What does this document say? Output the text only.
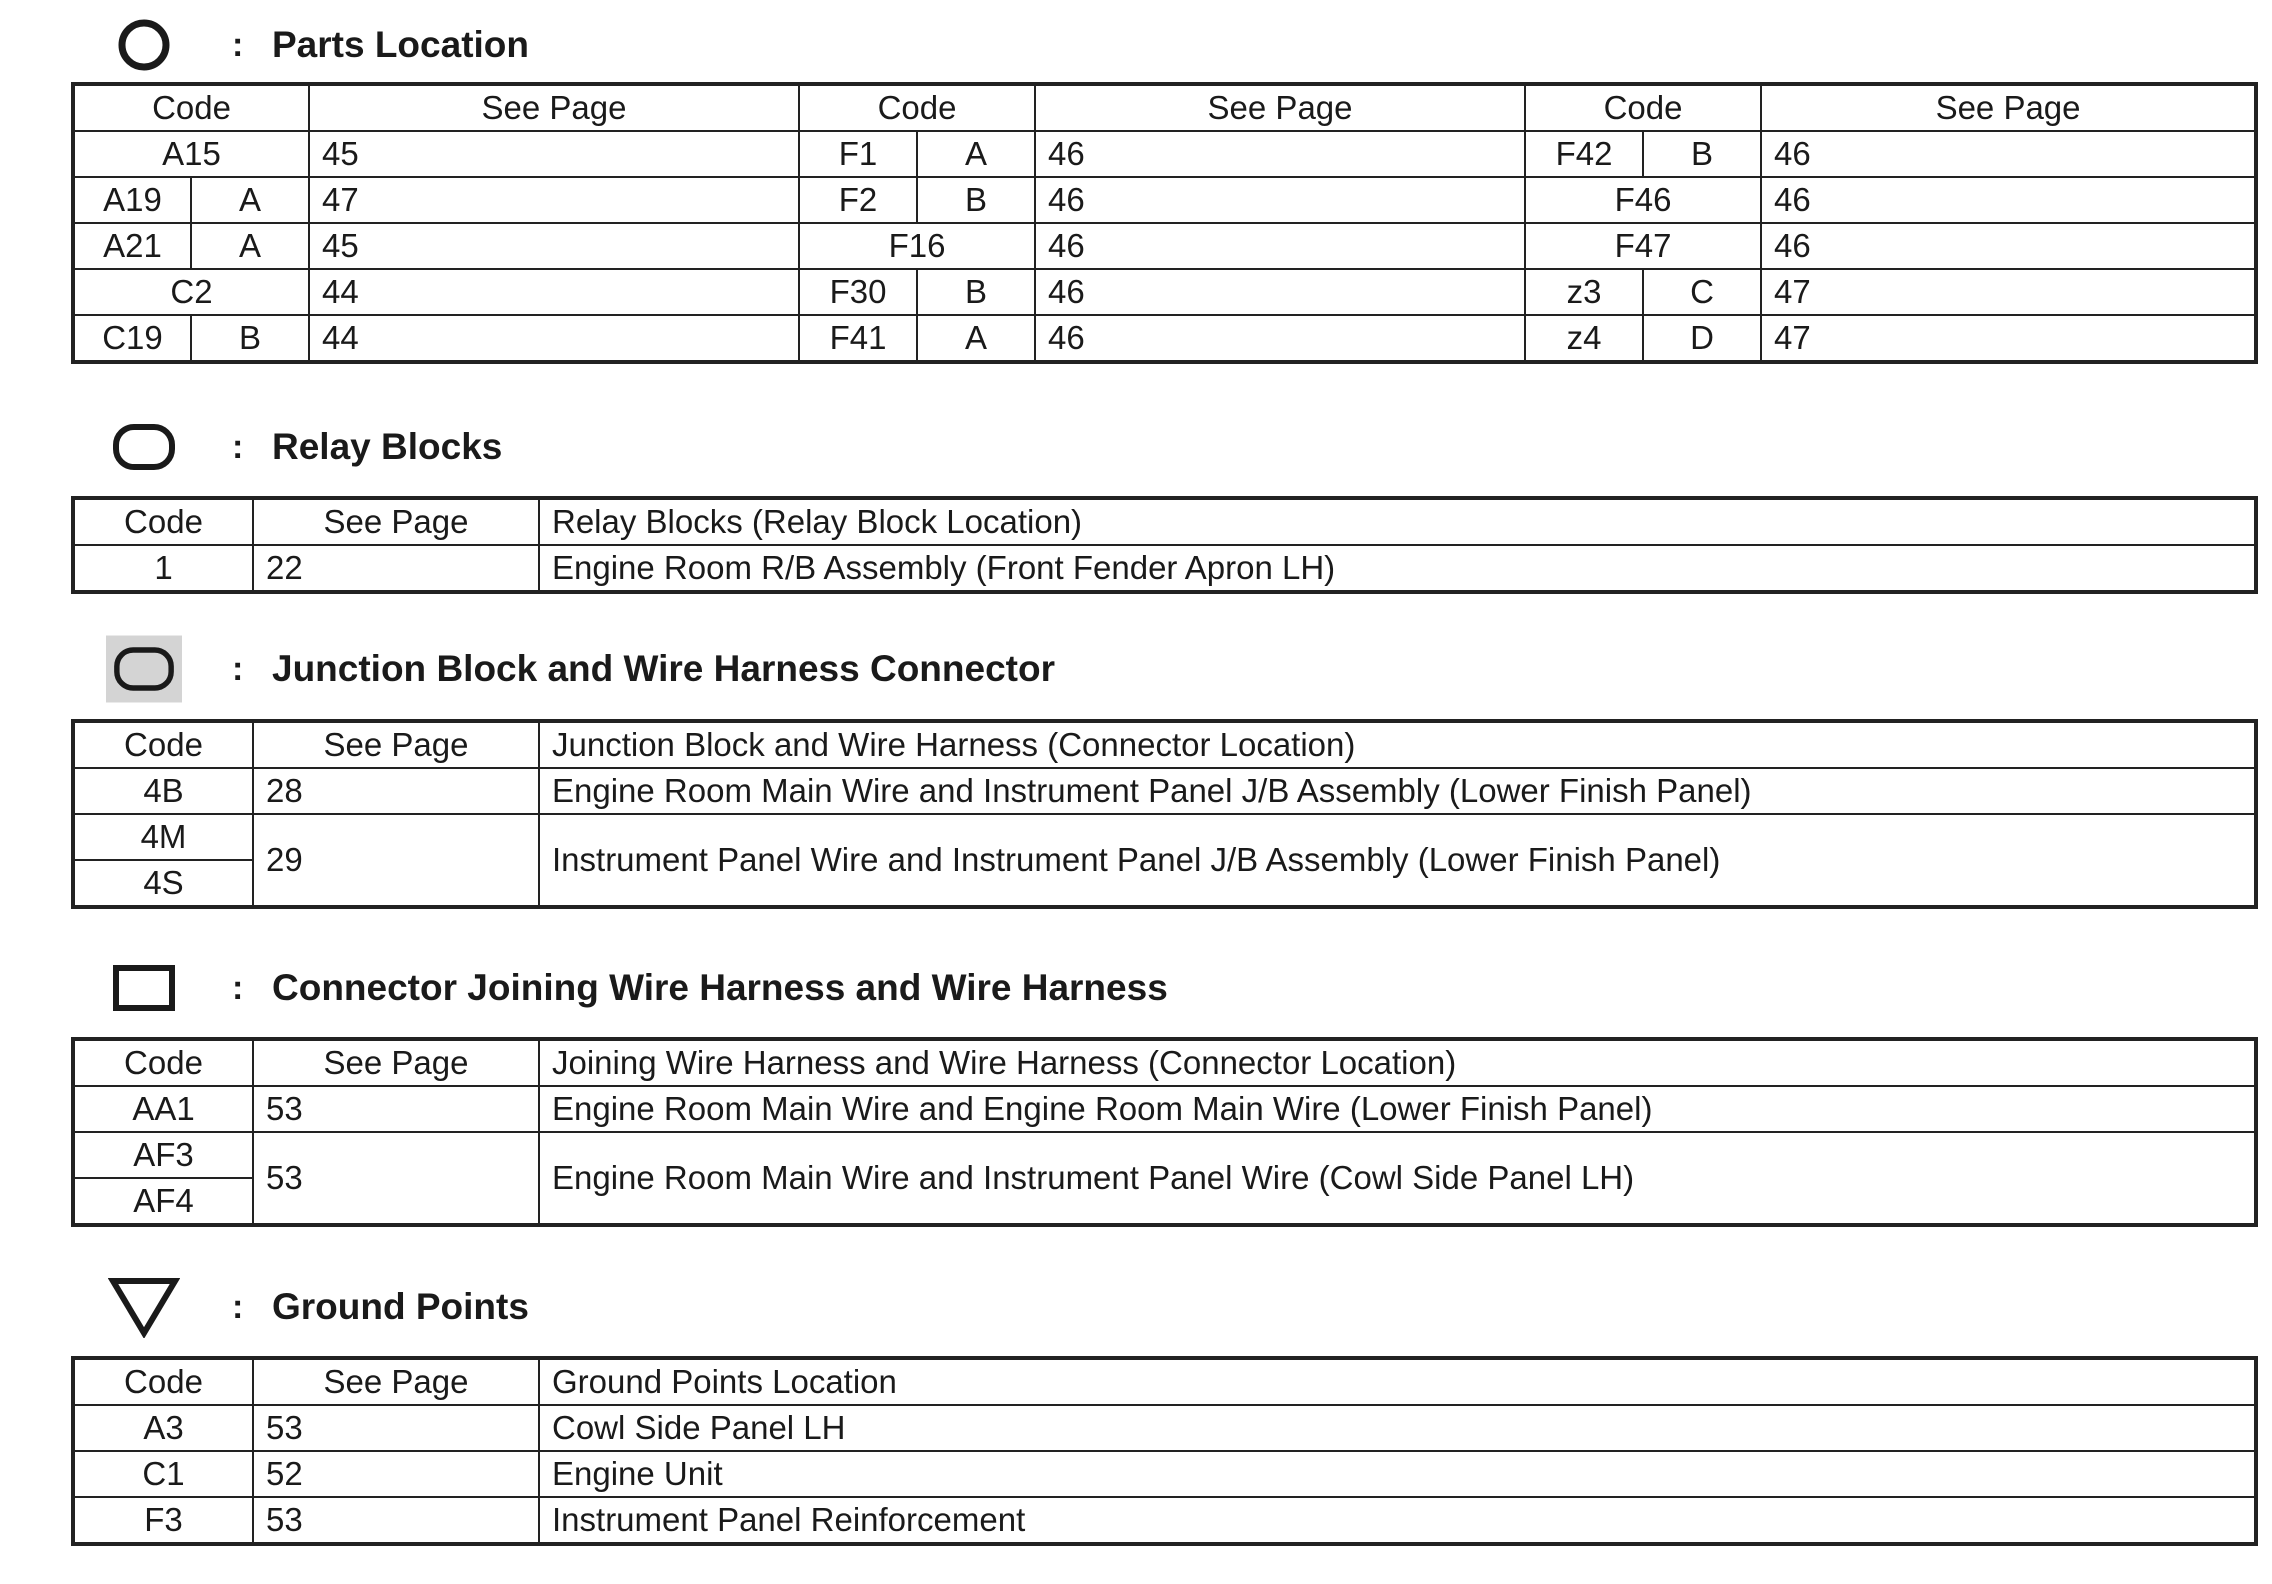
: Parts Location
Code		See Page	Code		See Page	Code		See Page
A15		45	F1	A	46	F42	B	46
A19	A	47	F2	B	46	F46		46
A21	A	45	F16		46	F47		46
C2		44	F30	B	46	z3	C	47
C19	B	44	F41	A	46	z4	D	47
: Relay Blocks
Code	See Page	Relay Blocks (Relay Block Location)
1	22	Engine Room R/B Assembly (Front Fender Apron LH)
: Junction Block and Wire Harness Connector
Code	See Page	Junction Block and Wire Harness (Connector Location)
4B	28	Engine Room Main Wire and Instrument Panel J/B Assembly (Lower Finish Panel)
4M	29	Instrument Panel Wire and Instrument Panel J/B Assembly (Lower Finish Panel)
4S		
: Connector Joining Wire Harness and Wire Harness
Code	See Page	Joining Wire Harness and Wire Harness (Connector Location)
AA1	53	Engine Room Main Wire and Engine Room Main Wire (Lower Finish Panel)
AF3	53	Engine Room Main Wire and Instrument Panel Wire (Cowl Side Panel LH)
AF4		
: Ground Points
Code	See Page	Ground Points Location
A3	53	Cowl Side Panel LH
C1	52	Engine Unit
F3	53	Instrument Panel Reinforcement
